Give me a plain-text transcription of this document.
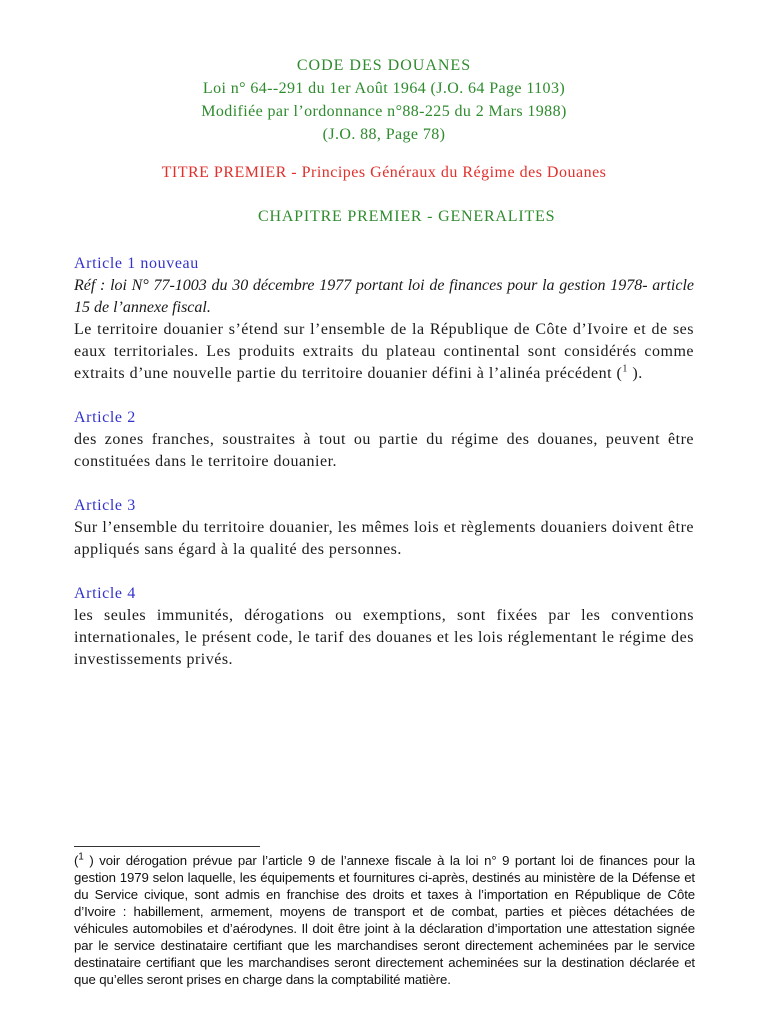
CODE DES DOUANES
Loi n° 64--291 du 1er Août 1964 (J.O. 64 Page 1103)
Modifiée par l’ordonnance n°88-225 du 2 Mars 1988)
(J.O. 88, Page 78)
TITRE PREMIER - Principes Généraux du Régime des Douanes
CHAPITRE PREMIER - GENERALITES
Article 1 nouveau

Réf : loi N° 77-1003 du 30 décembre 1977 portant loi de finances pour la gestion 1978- article 15 de l’annexe fiscal.

Le territoire douanier s’étend sur l’ensemble de la République de Côte d’Ivoire et de ses eaux territoriales. Les produits extraits du plateau continental sont considérés comme extraits d’une nouvelle partie du territoire douanier défini à l’alinéa précédent ($^1$ ).

Article 2

des zones franches, soustraites à tout ou partie du régime des douanes, peuvent être constituées dans le territoire douanier.

Article 3

Sur l’ensemble du territoire douanier, les mêmes lois et règlements douaniers doivent être appliqués sans égard à la qualité des personnes.

Article 4

les seules immunités, dérogations ou exemptions, sont fixées par les conventions internationales, le présent code, le tarif des douanes et les lois réglementant le régime des investissements privés.

($^1$ ) voir dérogation prévue par l’article 9 de l’annexe fiscale à la loi n° 9 portant loi de finances pour la gestion 1979 selon laquelle, les équipements et fournitures ci-après, destinés au ministère de la Défense et du Service civique, sont admis en franchise des droits et taxes à l’importation en République de Côte d’Ivoire : habillement, armement, moyens de transport et de combat, parties et pièces détachées de véhicules automobiles et d’aérodynes. Il doit être joint à la déclaration d’importation une attestation signée par le service destinataire certifiant que les marchandises seront directement acheminées par le service destinataire certifiant que les marchandises seront directement acheminées sur la destination déclarée et que qu’elles seront prises en charge dans la comptabilité matière.
